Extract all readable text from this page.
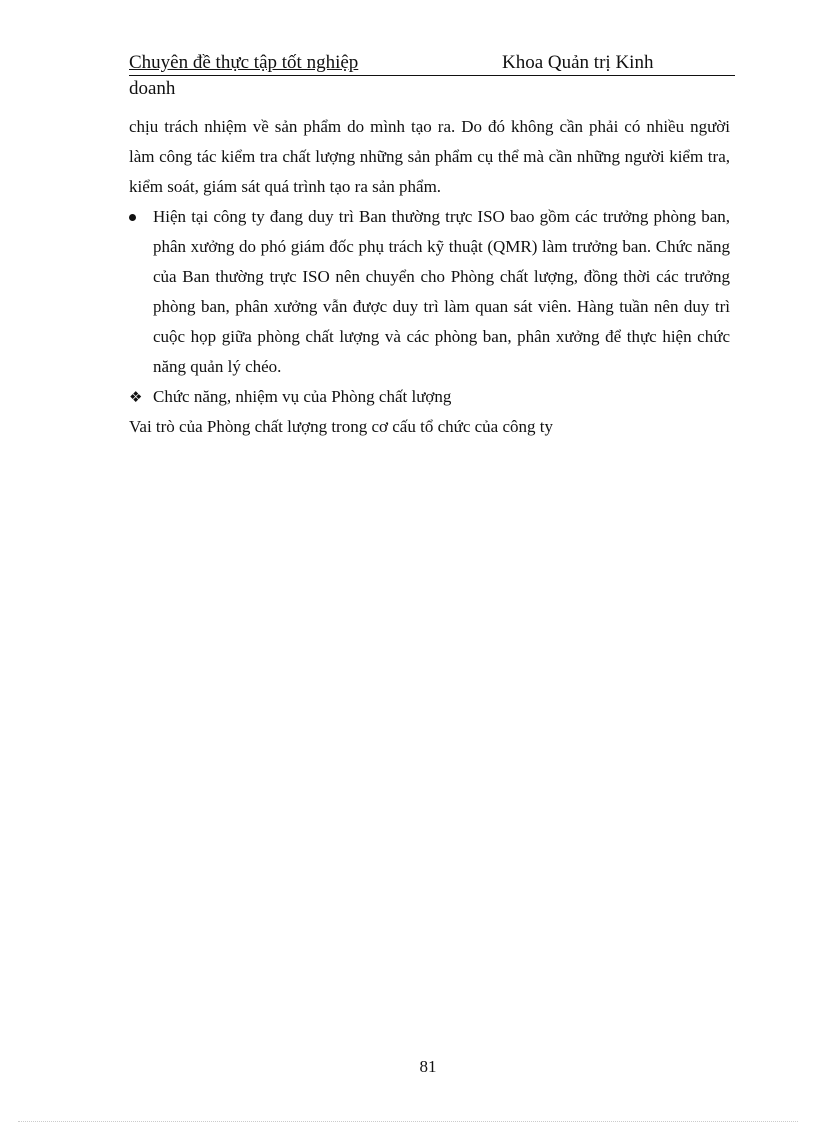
Chuyên đề thực tập tốt nghiệp	Khoa Quản trị Kinh
doanh

chịu trách nhiệm về sản phẩm do mình tạo ra. Do đó không cần phải có nhiều người làm công tác kiểm tra chất lượng những sản phẩm cụ thể mà cần những người kiểm tra, kiểm soát, giám sát quá trình tạo ra sản phẩm.

Hiện tại công ty đang duy trì Ban thường trực ISO bao gồm các trưởng phòng ban, phân xưởng do phó giám đốc phụ trách kỹ thuật (QMR) làm trưởng ban. Chức năng của Ban thường trực ISO nên chuyển cho Phòng chất lượng, đồng thời các trưởng phòng ban, phân xưởng vẫn được duy trì làm quan sát viên. Hàng tuần nên duy trì cuộc họp giữa phòng chất lượng và các phòng ban, phân xưởng để thực hiện chức năng quản lý chéo.
❖ Chức năng, nhiệm vụ của Phòng chất lượng

Vai trò của Phòng chất lượng trong cơ cấu tổ chức của công ty

81
